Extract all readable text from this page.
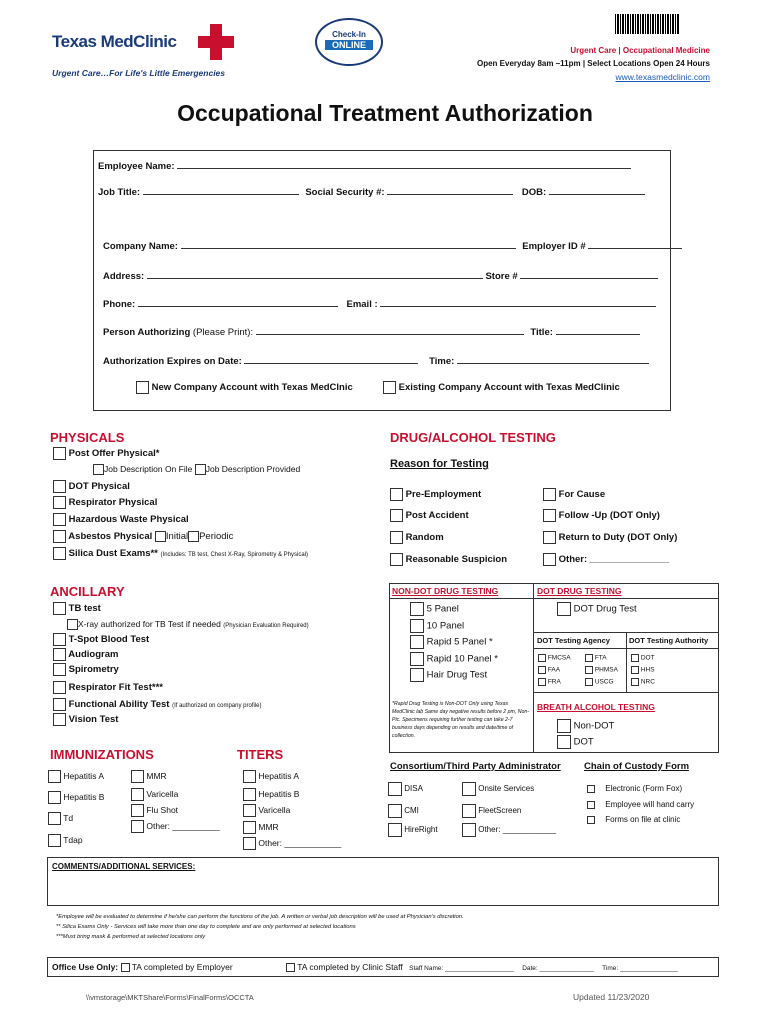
Texas MedClinic
Urgent Care…For Life's Little Emergencies
Check-In
ONLINE
Urgent Care | Occupational Medicine
Open Everyday 8am –11pm | Select Locations Open 24 Hours
www.texasmedclinic.com
Occupational Treatment Authorization
Employee Name:
Job Title:	Social Security #:	DOB:
Company Name:	Employer ID #
Address:	Store #
Phone:	Email :
Person Authorizing (Please Print):	Title:
Authorization Expires on Date:	Time:
New Company Account with Texas MedClnic	Existing Company Account with Texas MedClinic
PHYSICALS
Post Offer Physical*
Job Description On File Job Description Provided
DOT Physical
Respirator Physical
Hazardous Waste Physical
Asbestos Physical Initial Periodic
Silica Dust Exams** (Includes: TB test, Chest X-Ray, Spirometry & Physical)
ANCILLARY
TB test
X-ray authorized for TB Test if needed (Physician Evaluation Required)
T-Spot Blood Test
Audiogram
Spirometry
Respirator Fit Test***
Functional Ability Test (If authorized on company profile)
Vision Test
IMMUNIZATIONS
Hepatitis A
Hepatitis B
Td
Tdap
MMR
Varicella
Flu Shot
Other: __________
TITERS
Hepatitis A
Hepatitis B
Varicella
MMR
Other: ____________
DRUG/ALCOHOL TESTING
Reason for Testing
Pre-Employment
Post Accident
Random
Reasonable Suspicion
For Cause
Follow -Up (DOT Only)
Return to Duty (DOT Only)
Other: _______________
NON-DOT DRUG TESTING	DOT DRUG TESTING
5 Panel
10 Panel
Rapid 5 Panel *
Rapid 10 Panel *
Hair Drug Test
*Rapid Drug Testing is Non-DOT Only using Texas MedClinic lab Same day negative results before 2 pm, Non-Pic. Specimens requiring further testing can take 2-7 business days depending on results and date/time of collection.
DOT Drug Test
DOT Testing Agency	DOT Testing Authority
FMCSA
FAA
FRA
FTA
PHMSA
USCG
DOT
HHS
NRC
BREATH ALCOHOL TESTING
Non-DOT
DOT
Consortium/Third Party Administrator
DISA
CMI
HireRight
Onsite Services
FleetScreen
Other: ____________
Chain of Custody Form
Electronic (Form Fox)
Employee will hand carry
Forms on file at clinic
COMMENTS/ADDITIONAL SERVICES:
*Employee will be evaluated to determine if he/she can perform the functions of the job. A written or verbal job description will be used at Physician's discretion.
** Silica Exams Only - Services will take more than one day to complete and are only performed at selected locations
***Must bring mask & performed at selected locations only
Office Use Only: TA completed by Employer	TA completed by Clinic Staff Staff Name: ___________________ Date: _______________ Time: ________________
\\vmstorage\MKTShare\Forms\FinalForms\OCCTA	Updated 11/23/2020
